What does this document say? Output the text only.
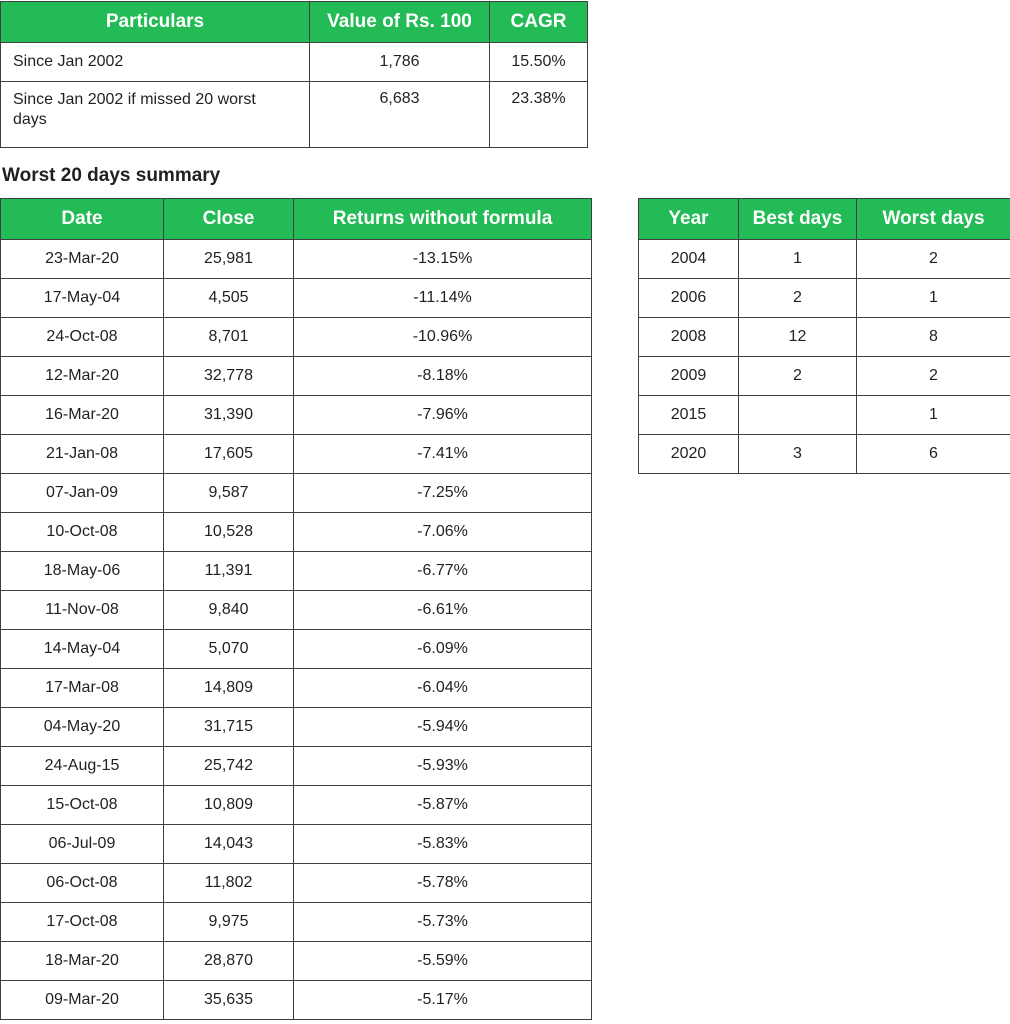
Particulars	Value of Rs. 100	CAGR
Since Jan 2002	1,786	15.50%
Since Jan 2002 if missed 20 worst days	6,683	23.38%
Worst 20 days summary
Date	Close	Returns without formula
23-Mar-20	25,981	-13.15%
17-May-04	4,505	-11.14%
24-Oct-08	8,701	-10.96%
12-Mar-20	32,778	-8.18%
16-Mar-20	31,390	-7.96%
21-Jan-08	17,605	-7.41%
07-Jan-09	9,587	-7.25%
10-Oct-08	10,528	-7.06%
18-May-06	11,391	-6.77%
11-Nov-08	9,840	-6.61%
14-May-04	5,070	-6.09%
17-Mar-08	14,809	-6.04%
04-May-20	31,715	-5.94%
24-Aug-15	25,742	-5.93%
15-Oct-08	10,809	-5.87%
06-Jul-09	14,043	-5.83%
06-Oct-08	11,802	-5.78%
17-Oct-08	9,975	-5.73%
18-Mar-20	28,870	-5.59%
09-Mar-20	35,635	-5.17%
Year	Best days	Worst days
2004	1	2
2006	2	1
2008	12	8
2009	2	2
2015		1
2020	3	6
